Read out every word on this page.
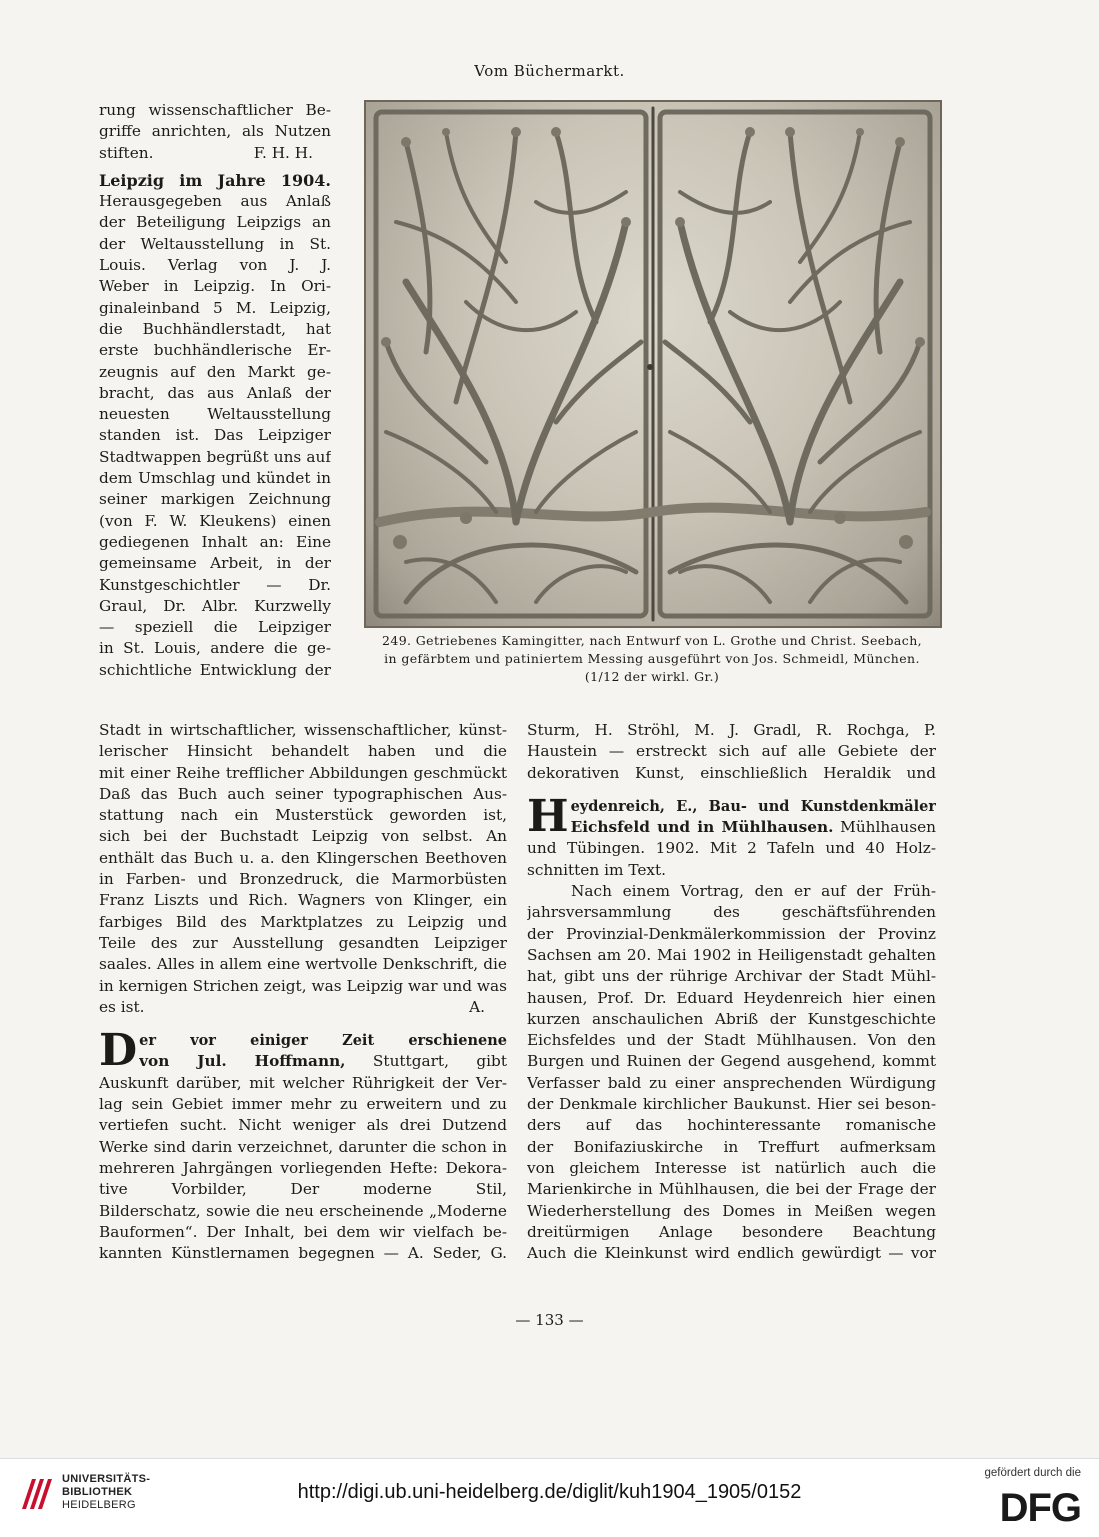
Vom Büchermarkt.
rung wissenschaftlicher Be-
griffe anrichten, als Nutzen
stiften.	F. H. H.
Leipzig im Jahre 1904.
Herausgegeben aus Anlaß
der Beteiligung Leipzigs an
der Weltausstellung in St.
Louis. Verlag von J. J.
Weber in Leipzig. In Ori-
ginaleinband 5 M. Leipzig,
die Buchhändlerstadt, hat
erste buchhändlerische Er-
zeugnis auf den Markt ge-
bracht, das aus Anlaß der
neuesten Weltausstellung
standen ist. Das Leipziger
Stadtwappen begrüßt uns auf
dem Umschlag und kündet in
seiner markigen Zeichnung
(von F. W. Kleukens) einen
gediegenen Inhalt an: Eine
gemeinsame Arbeit, in der
Kunstgeschichtler — Dr.
Graul, Dr. Albr. Kurzwelly
— speziell die Leipziger
in St. Louis, andere die ge-
schichtliche Entwicklung der
249. Getriebenes Kamingitter, nach Entwurf von L. Grothe und Christ. Seebach,
in gefärbtem und patiniertem Messing ausgeführt von Jos. Schmeidl, München.
(1/12 der wirkl. Gr.)
Stadt in wirtschaftlicher, wissenschaftlicher, künst-
lerischer Hinsicht behandelt haben und die
mit einer Reihe trefflicher Abbildungen geschmückt
Daß das Buch auch seiner typographischen Aus-
stattung nach ein Musterstück geworden ist,
sich bei der Buchstadt Leipzig von selbst. An
enthält das Buch u. a. den Klingerschen Beethoven
in Farben- und Bronzedruck, die Marmorbüsten
Franz Liszts und Rich. Wagners von Klinger, ein
farbiges Bild des Marktplatzes zu Leipzig und
Teile des zur Ausstellung gesandten Leipziger
saales. Alles in allem eine wertvolle Denkschrift, die
in kernigen Strichen zeigt, was Leipzig war und was
es ist.	A.
D er vor einiger Zeit erschienene
von Jul. Hoffmann, Stuttgart, gibt
Auskunft darüber, mit welcher Rührigkeit der Ver-
lag sein Gebiet immer mehr zu erweitern und zu
vertiefen sucht. Nicht weniger als drei Dutzend
Werke sind darin verzeichnet, darunter die schon in
mehreren Jahrgängen vorliegenden Hefte: Dekora-
tive Vorbilder, Der moderne Stil,
Bilderschatz, sowie die neu erscheinende „Moderne
Bauformen“. Der Inhalt, bei dem wir vielfach be-
kannten Künstlernamen begegnen — A. Seder, G.
Sturm, H. Ströhl, M. J. Gradl, R. Rochga, P.
Haustein — erstreckt sich auf alle Gebiete der
dekorativen Kunst, einschließlich Heraldik und
H eydenreich, E., Bau- und Kunstdenkmäler
Eichsfeld und in Mühlhausen. Mühlhausen
und Tübingen. 1902. Mit 2 Tafeln und 40 Holz-
schnitten im Text.
Nach einem Vortrag, den er auf der Früh-
jahrsversammlung des geschäftsführenden
der Provinzial-Denkmälerkommission der Provinz
Sachsen am 20. Mai 1902 in Heiligenstadt gehalten
hat, gibt uns der rührige Archivar der Stadt Mühl-
hausen, Prof. Dr. Eduard Heydenreich hier einen
kurzen anschaulichen Abriß der Kunstgeschichte
Eichsfeldes und der Stadt Mühlhausen. Von den
Burgen und Ruinen der Gegend ausgehend, kommt
Verfasser bald zu einer ansprechenden Würdigung
der Denkmale kirchlicher Baukunst. Hier sei beson-
ders auf das hochinteressante romanische
der Bonifaziuskirche in Treffurt aufmerksam
von gleichem Interesse ist natürlich auch die
Marienkirche in Mühlhausen, die bei der Frage der
Wiederherstellung des Domes in Meißen wegen
dreitürmigen Anlage besondere Beachtung
Auch die Kleinkunst wird endlich gewürdigt — vor
— 133 —
UNIVERSITÄTS-
BIBLIOTHEK
HEIDELBERG
http://digi.ub.uni-heidelberg.de/diglit/kuh1904_1905/0152
gefördert durch die
DFG
